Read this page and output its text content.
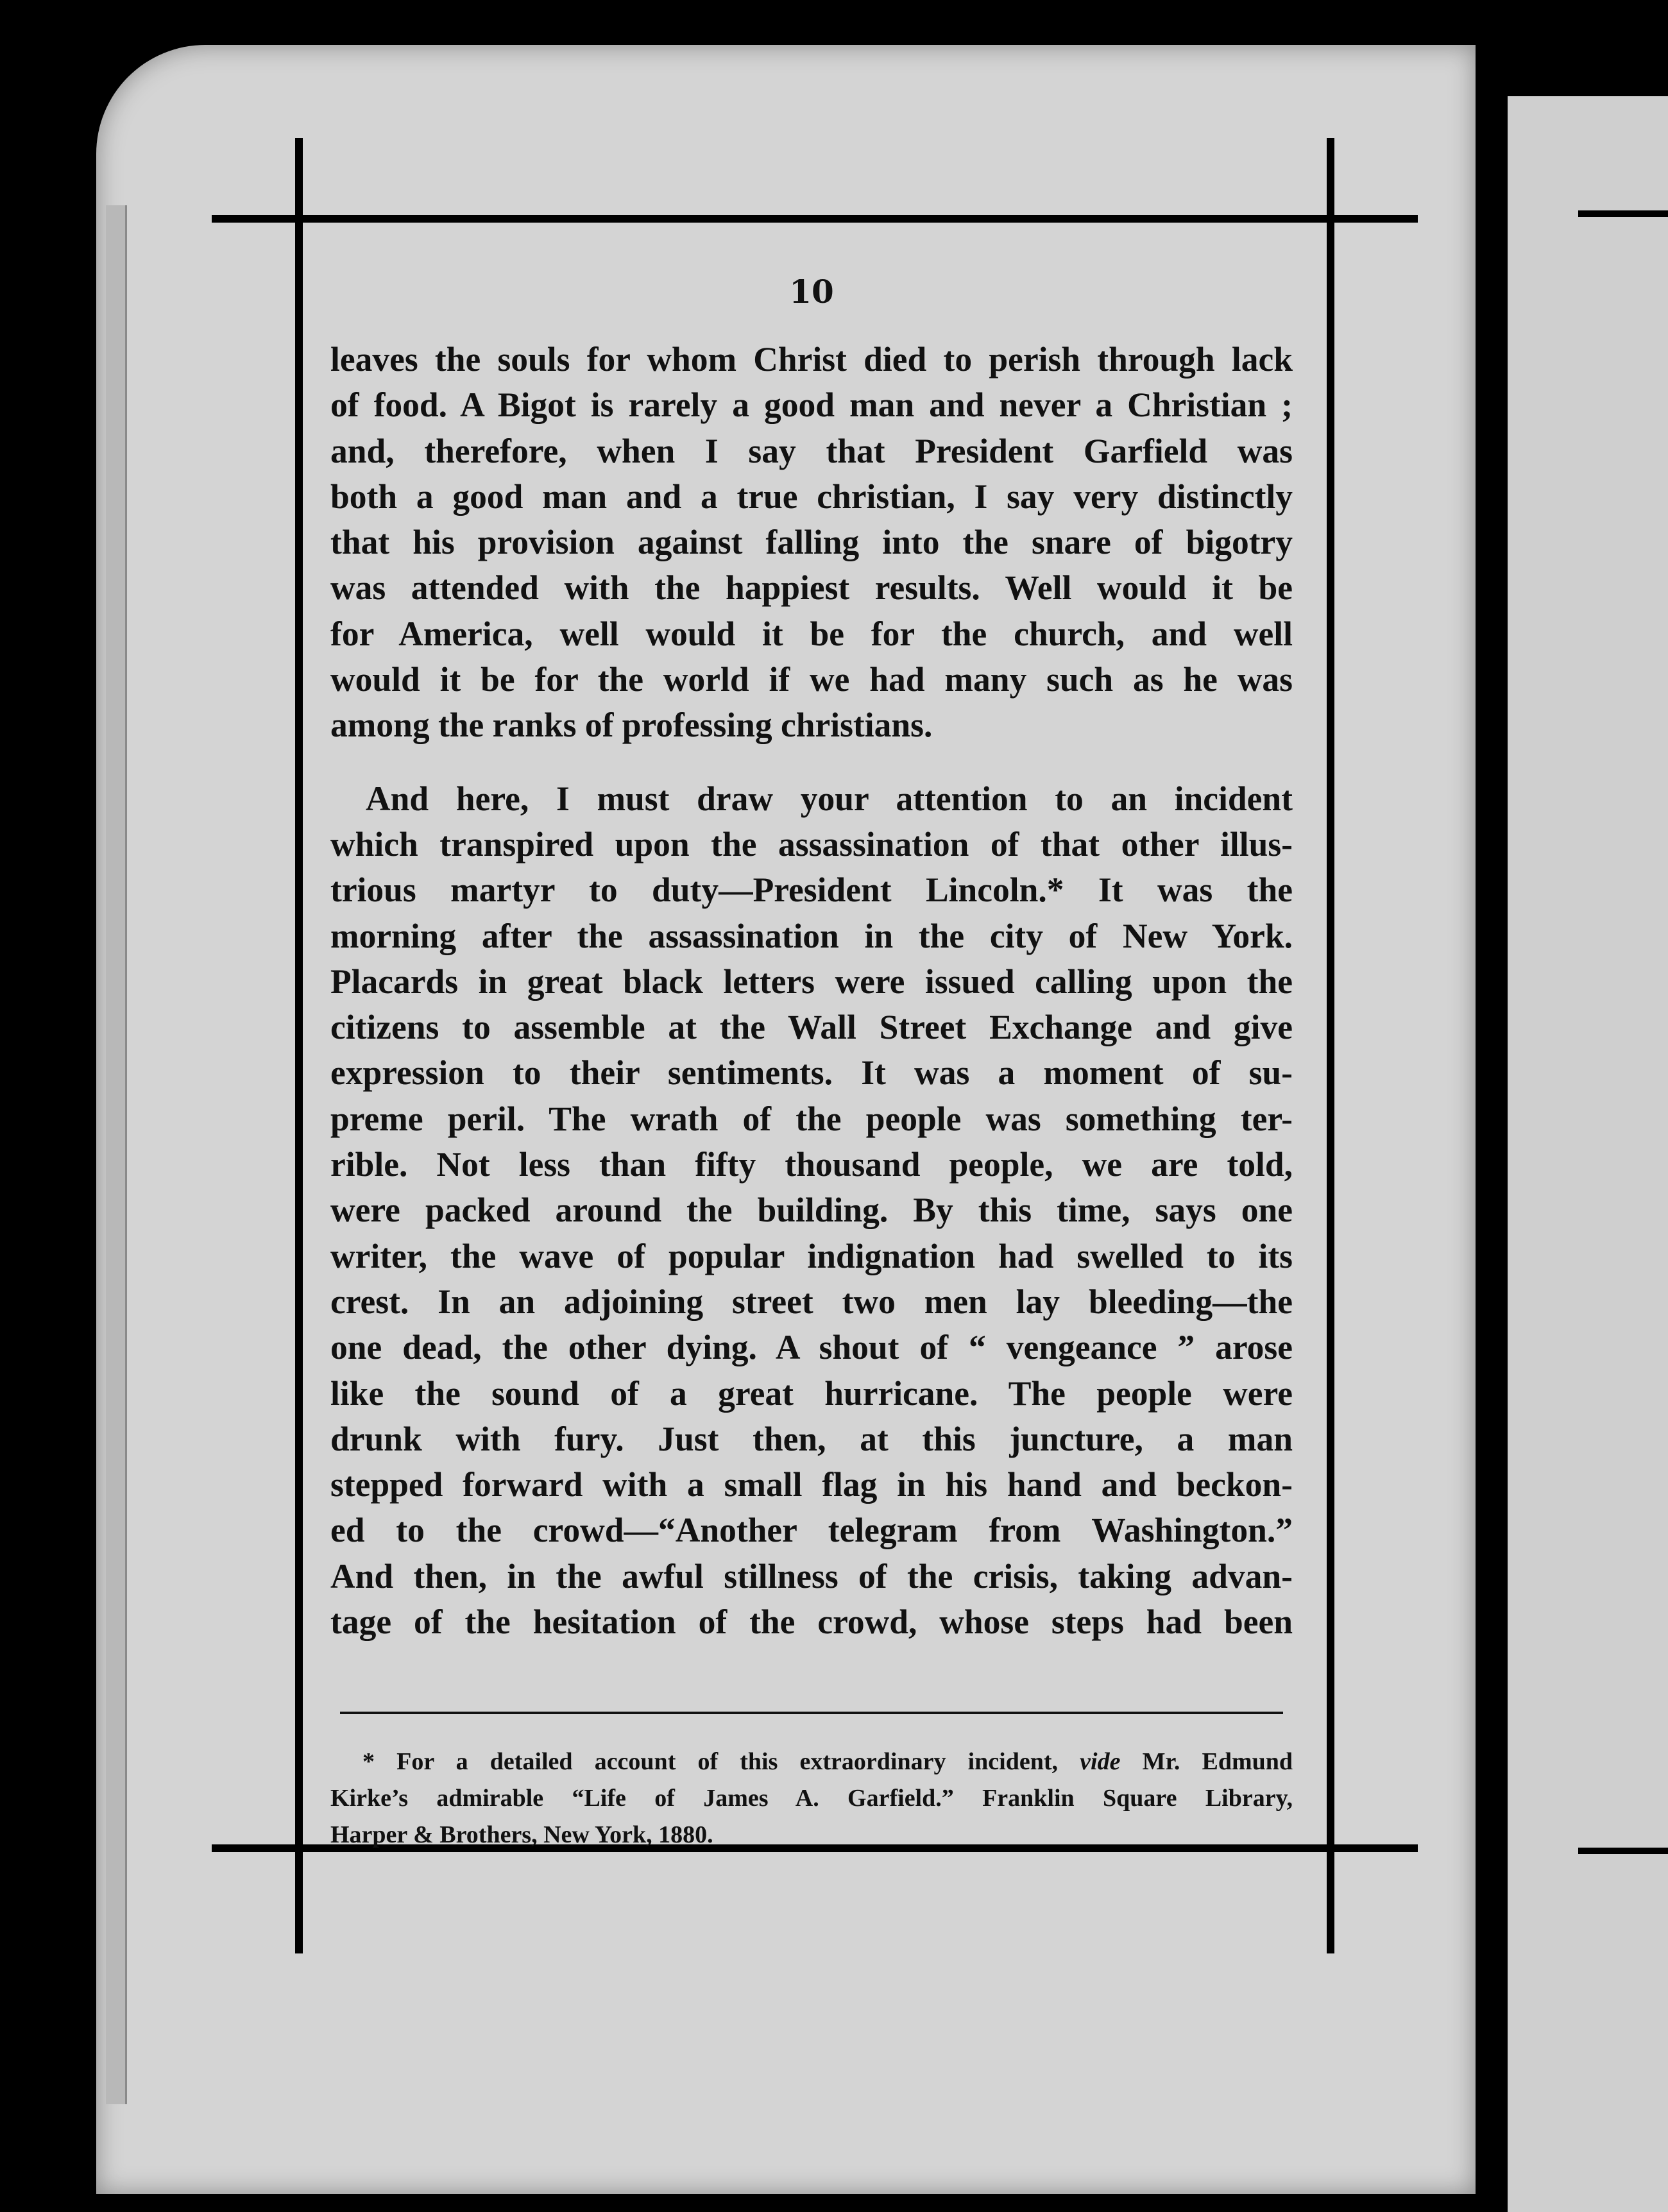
10
leaves the souls for whom Christ died to perish through lack
of food. A Bigot is rarely a good man and never a Christian ;
and, therefore, when I say that President Garfield was
both a good man and a true christian, I say very distinctly
that his provision against falling into the snare of bigotry
was attended with the happiest results. Well would it be
for America, well would it be for the church, and well
would it be for the world if we had many such as he was
among the ranks of professing christians.
And here, I must draw your attention to an incident
which transpired upon the assassination of that other illus-
trious martyr to duty—President Lincoln.* It was the
morning after the assassination in the city of New York.
Placards in great black letters were issued calling upon the
citizens to assemble at the Wall Street Exchange and give
expression to their sentiments. It was a moment of su-
preme peril. The wrath of the people was something ter-
rible. Not less than fifty thousand people, we are told,
were packed around the building. By this time, says one
writer, the wave of popular indignation had swelled to its
crest. In an adjoining street two men lay bleeding—the
one dead, the other dying. A shout of “ vengeance ” arose
like the sound of a great hurricane. The people were
drunk with fury. Just then, at this juncture, a man
stepped forward with a small flag in his hand and beckon-
ed to the crowd—“Another telegram from Washington.”
And then, in the awful stillness of the crisis, taking advan-
tage of the hesitation of the crowd, whose steps had been
* For a detailed account of this extraordinary incident, vide Mr. Edmund
Kirke’s admirable “Life of James A. Garfield.” Franklin Square Library,
Harper & Brothers, New York, 1880.
